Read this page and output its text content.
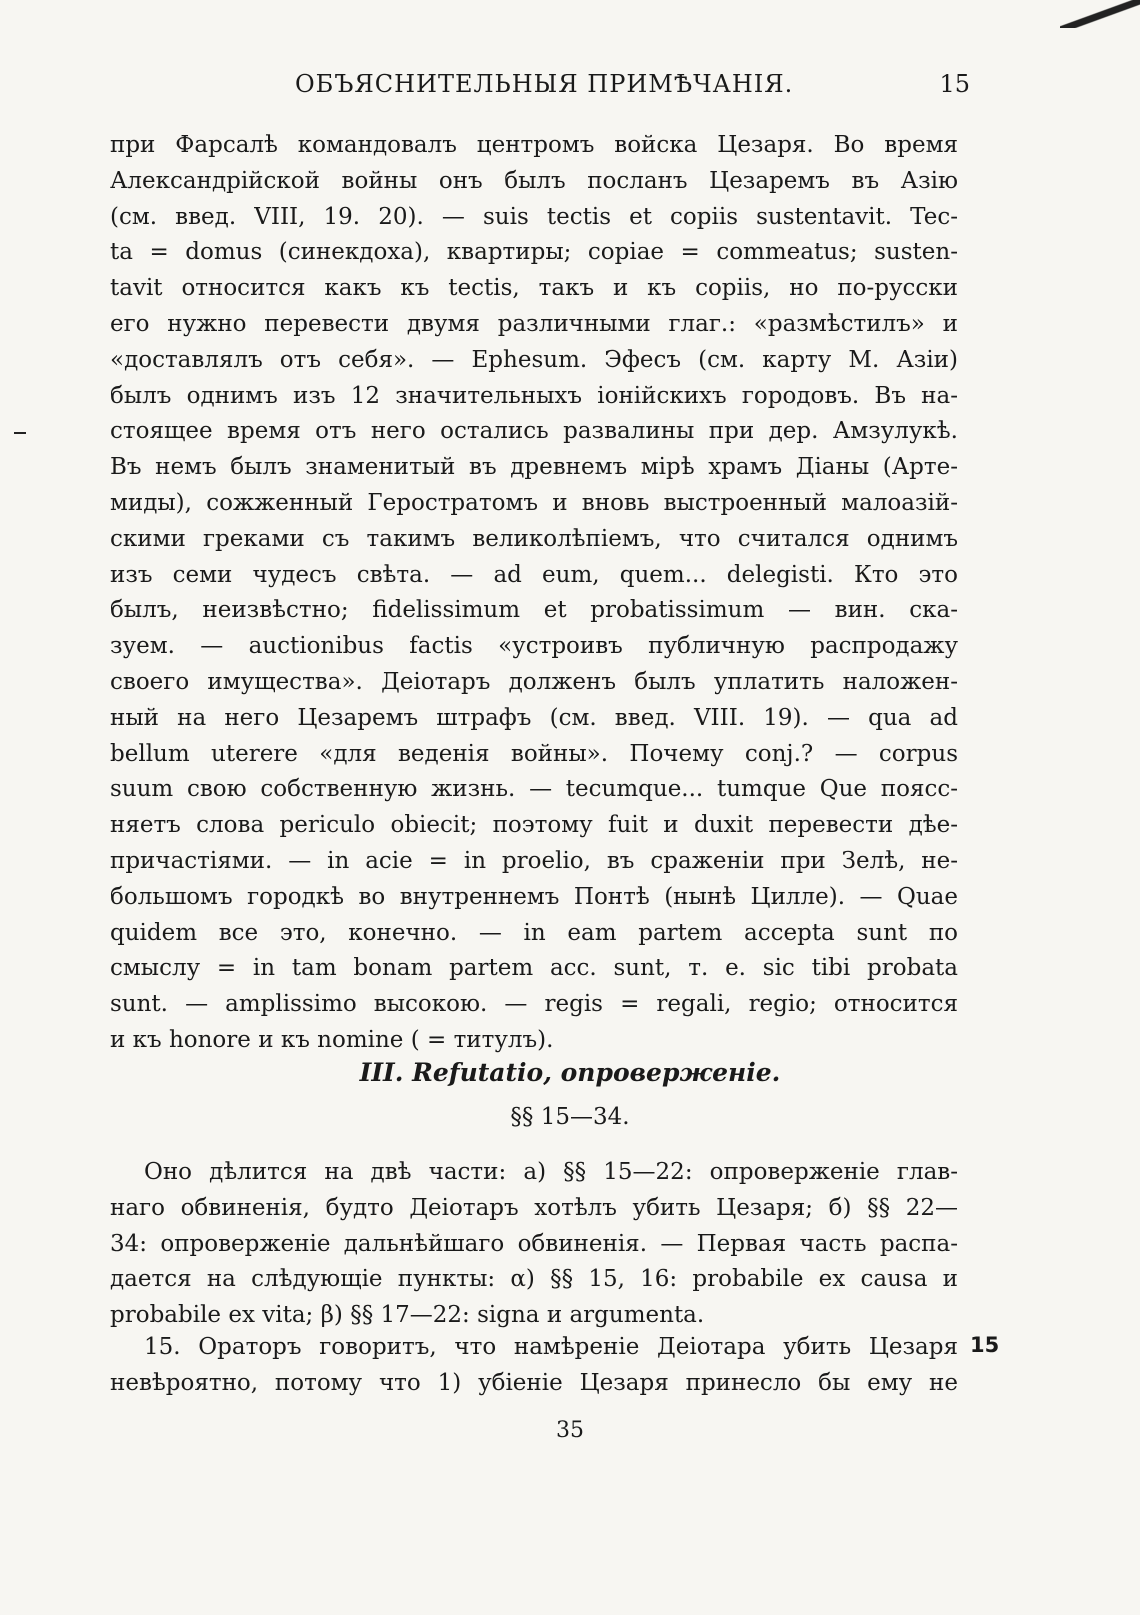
ОБЪЯСНИТЕЛЬНЫЯ ПРИМѢЧАНІЯ.	15
при Фарсалѣ командовалъ центромъ войска Цезаря. Во время
Александрійской войны онъ былъ посланъ Цезаремъ въ Азію
(см. введ. VIII, 19. 20). — suis tectis et copiis sustentavit. Tec-
ta = domus (синекдоха), квартиры; copiae = commeatus; susten-
tavit относится какъ къ tectis, такъ и къ copiis, но по-русски
его нужно перевести двумя различными глаг.: «размѣстилъ» и
«доставлялъ отъ себя». — Ephesum. Эфесъ (см. карту М. Азіи)
былъ однимъ изъ 12 значительныхъ іонійскихъ городовъ. Въ на-
стоящее время отъ него остались развалины при дер. Амзулукѣ.
Въ немъ былъ знаменитый въ древнемъ мірѣ храмъ Діаны (Арте-
миды), сожженный Геростратомъ и вновь выстроенный малоазій-
скими греками съ такимъ великолѣпіемъ, что считался однимъ
изъ семи чудесъ свѣта. — ad eum, quem... delegisti. Кто это
былъ, неизвѣстно; fidelissimum et probatissimum — вин. ска-
зуем. — auctionibus factis «устроивъ публичную распродажу
своего имущества». Деіотаръ долженъ былъ уплатить наложен-
ный на него Цезаремъ штрафъ (см. введ. VIII. 19). — qua ad
bellum uterere «для веденія войны». Почему conj.? — corpus
suum свою собственную жизнь. — tecumque... tumque Que поясс-
няетъ слова periculo obiecit; поэтому fuit и duxit перевести дѣе-
причастіями. — in acie = in proelio, въ сраженіи при Зелѣ, не-
большомъ городкѣ во внутреннемъ Понтѣ (нынѣ Цилле). — Quae
quidem все это, конечно. — in eam partem accepta sunt по
смыслу = in tam bonam partem acc. sunt, т. е. sic tibi probata
sunt. — amplissimo высокою. — regis = regali, regio; относится
и къ honore и къ nomine ( = титулъ).
III. Refutatio, опроверженіе.
§§ 15—34.
Оно дѣлится на двѣ части: a) §§ 15—22: опроверженіе глав-
наго обвиненія, будто Деіотаръ хотѣлъ убить Цезаря; б) §§ 22—
34: опроверженіе дальнѣйшаго обвиненія. — Первая часть распа-
дается на слѣдующіе пункты: α) §§ 15, 16: probabile ex causa и
probabile ex vita; β) §§ 17—22: signa и argumenta.
15. Ораторъ говоритъ, что намѣреніе Деіотара убить Цезаря
невѣроятно, потому что 1) убіеніе Цезаря принесло бы ему не
15
35
